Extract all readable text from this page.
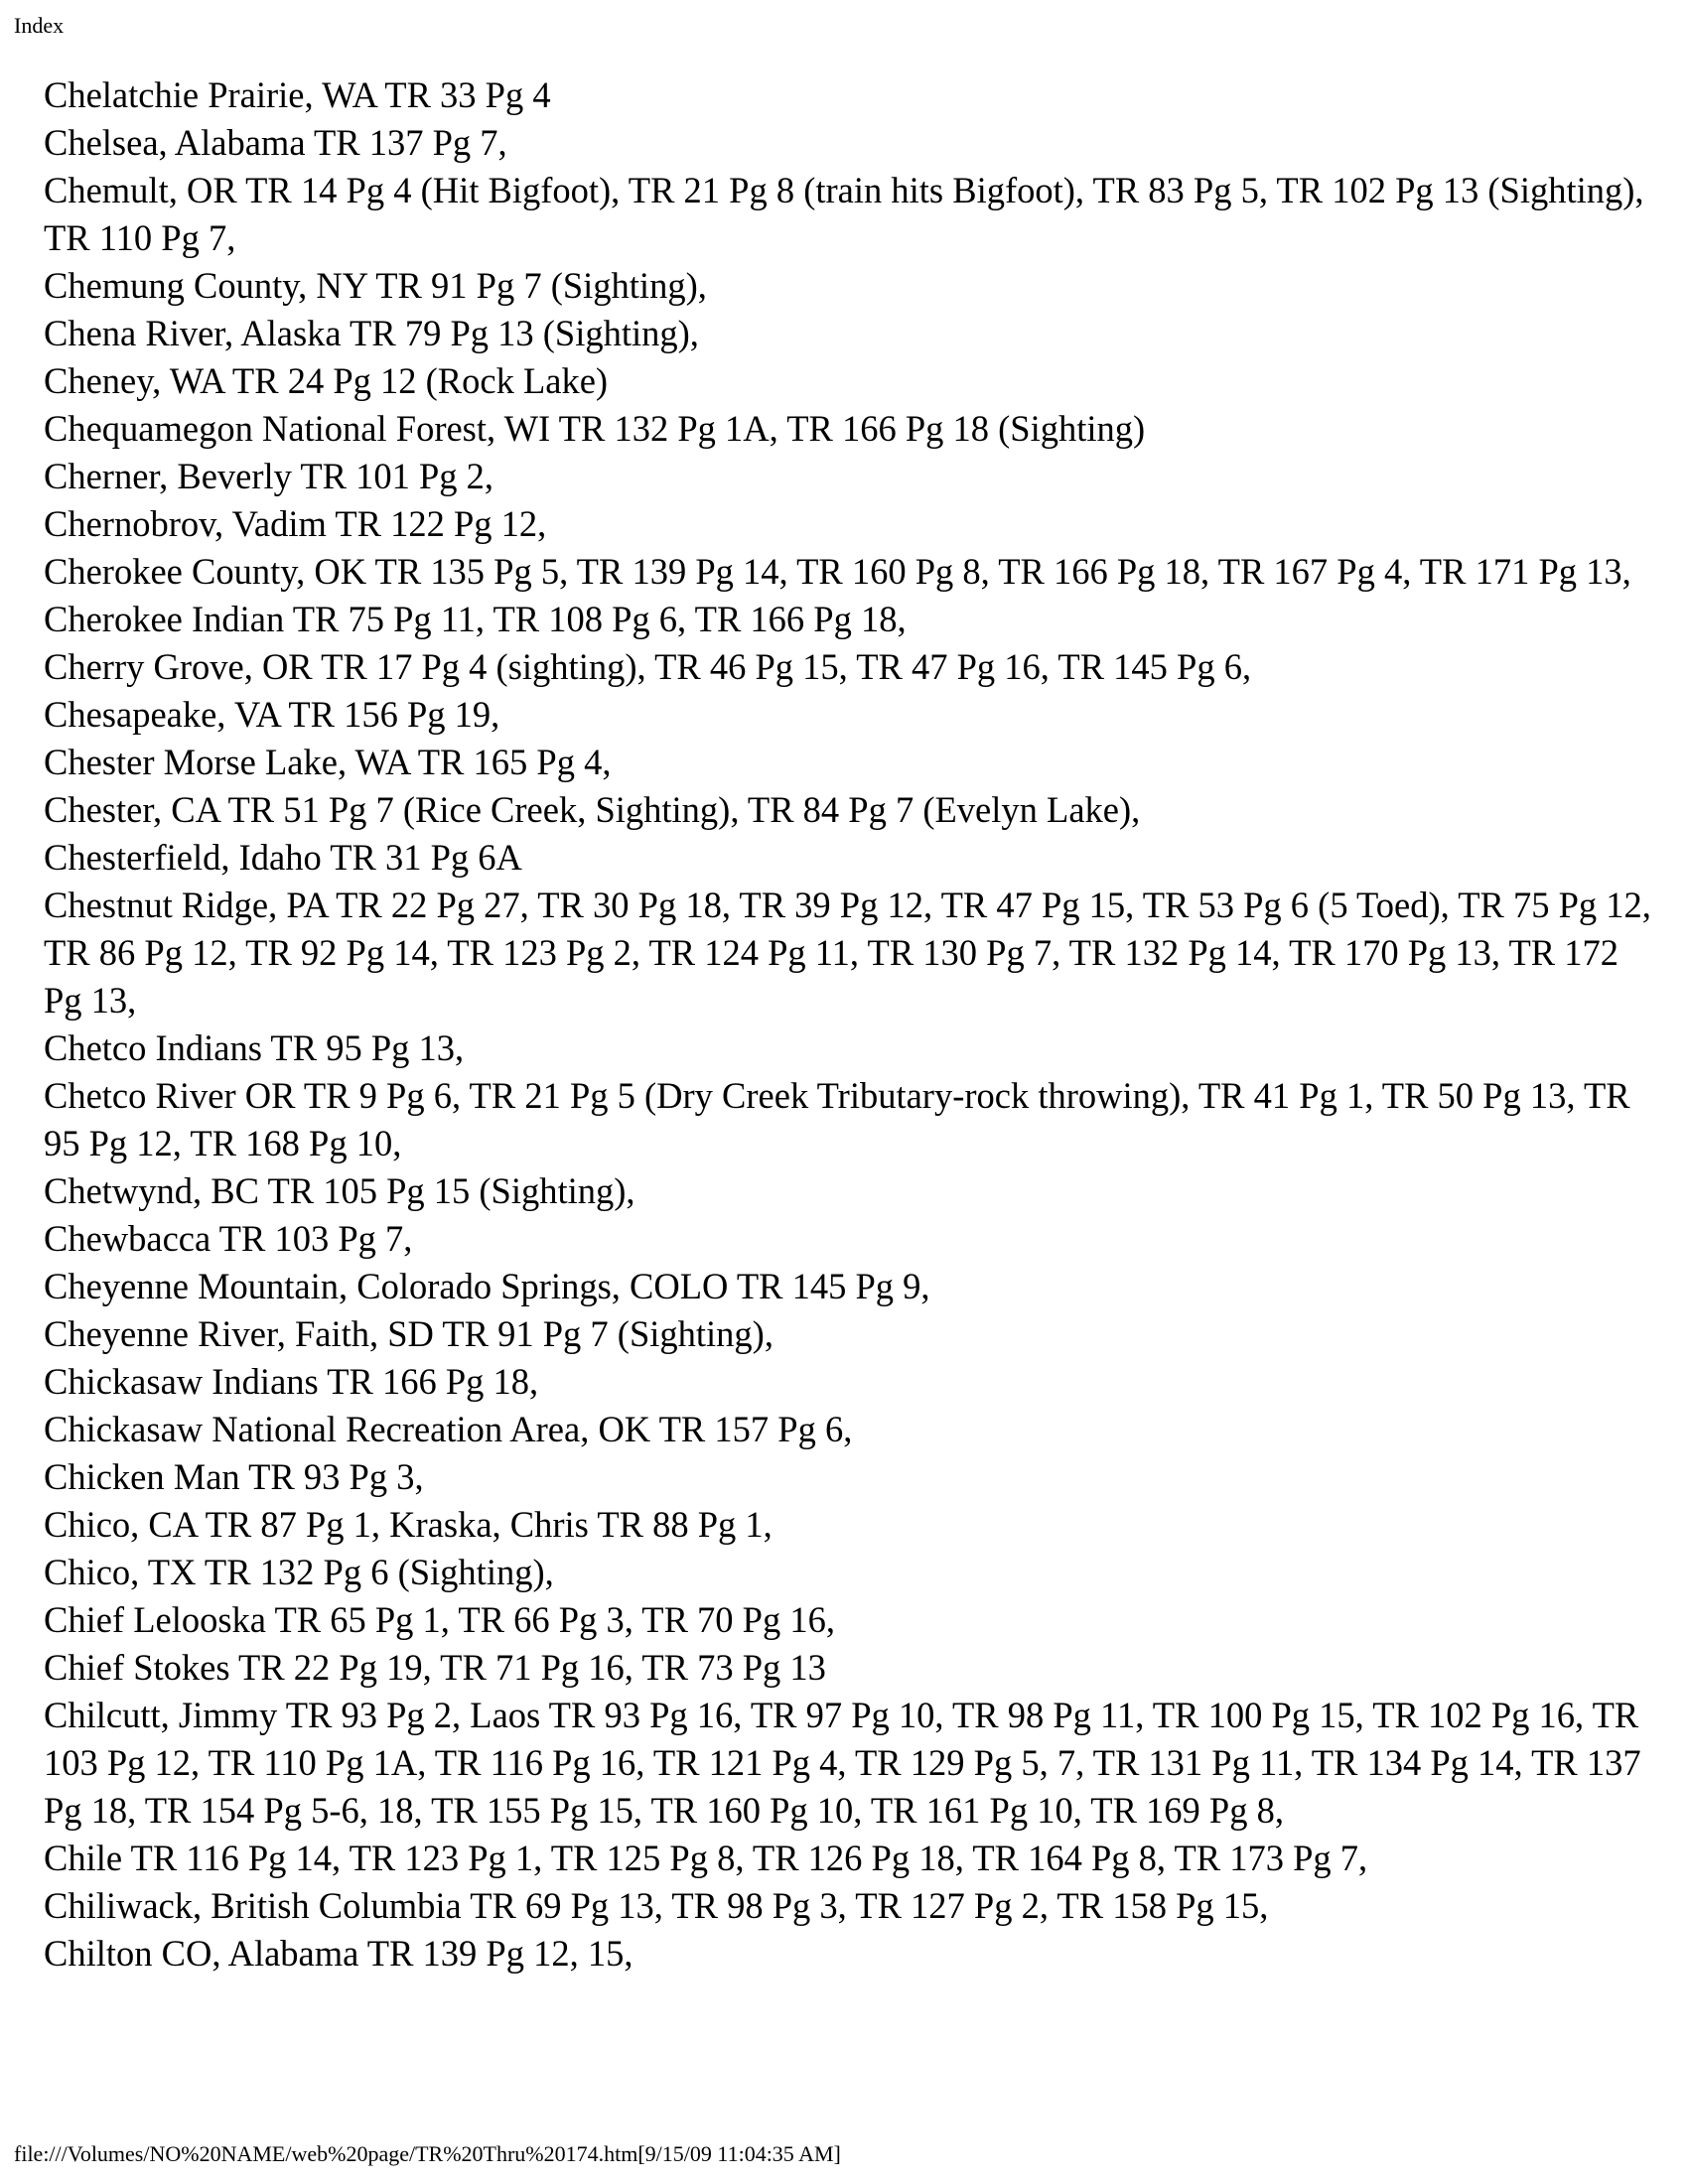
Index
Chelatchie Prairie, WA TR 33 Pg 4
Chelsea, Alabama TR 137 Pg 7,
Chemult, OR TR 14 Pg 4 (Hit Bigfoot), TR 21 Pg 8 (train hits Bigfoot), TR 83 Pg 5, TR 102 Pg 13 (Sighting), TR 110 Pg 7,
Chemung County, NY TR 91 Pg 7 (Sighting),
Chena River, Alaska TR 79 Pg 13 (Sighting),
Cheney, WA TR 24 Pg 12 (Rock Lake)
Chequamegon National Forest, WI TR 132 Pg 1A, TR 166 Pg 18 (Sighting)
Cherner, Beverly TR 101 Pg 2,
Chernobrov, Vadim TR 122 Pg 12,
Cherokee County, OK TR 135 Pg 5, TR 139 Pg 14, TR 160 Pg 8, TR 166 Pg 18, TR 167 Pg 4, TR 171 Pg 13,
Cherokee Indian TR 75 Pg 11, TR 108 Pg 6, TR 166 Pg 18,
Cherry Grove, OR TR 17 Pg 4 (sighting), TR 46 Pg 15, TR 47 Pg 16, TR 145 Pg 6,
Chesapeake, VA TR 156 Pg 19,
Chester Morse Lake, WA TR 165 Pg 4,
Chester, CA TR 51 Pg 7 (Rice Creek, Sighting), TR 84 Pg 7 (Evelyn Lake),
Chesterfield, Idaho TR 31 Pg 6A
Chestnut Ridge, PA TR 22 Pg 27, TR 30 Pg 18, TR 39 Pg 12, TR 47 Pg 15, TR 53 Pg 6 (5 Toed), TR 75 Pg 12, TR 86 Pg 12, TR 92 Pg 14, TR 123 Pg 2, TR 124 Pg 11, TR 130 Pg 7, TR 132 Pg 14, TR 170 Pg 13, TR 172 Pg 13,
Chetco Indians TR 95 Pg 13,
Chetco River OR TR 9 Pg 6, TR 21 Pg 5 (Dry Creek Tributary-rock throwing), TR 41 Pg 1, TR 50 Pg 13, TR 95 Pg 12, TR 168 Pg 10,
Chetwynd, BC TR 105 Pg 15 (Sighting),
Chewbacca TR 103 Pg 7,
Cheyenne Mountain, Colorado Springs, COLO TR 145 Pg 9,
Cheyenne River, Faith, SD TR 91 Pg 7 (Sighting),
Chickasaw Indians TR 166 Pg 18,
Chickasaw National Recreation Area, OK TR 157 Pg 6,
Chicken Man TR 93 Pg 3,
Chico, CA TR 87 Pg 1, Kraska, Chris TR 88 Pg 1,
Chico, TX TR 132 Pg 6 (Sighting),
Chief Lelooska TR 65 Pg 1, TR 66 Pg 3, TR 70 Pg 16,
Chief Stokes TR 22 Pg 19, TR 71 Pg 16, TR 73 Pg 13
Chilcutt, Jimmy TR 93 Pg 2, Laos TR 93 Pg 16, TR 97 Pg 10, TR 98 Pg 11, TR 100 Pg 15, TR 102 Pg 16, TR 103 Pg 12, TR 110 Pg 1A, TR 116 Pg 16, TR 121 Pg 4, TR 129 Pg 5, 7, TR 131 Pg 11, TR 134 Pg 14, TR 137 Pg 18, TR 154 Pg 5-6, 18, TR 155 Pg 15, TR 160 Pg 10, TR 161 Pg 10, TR 169 Pg 8,
Chile TR 116 Pg 14, TR 123 Pg 1, TR 125 Pg 8, TR 126 Pg 18, TR 164 Pg 8, TR 173 Pg 7,
Chiliwack, British Columbia TR 69 Pg 13, TR 98 Pg 3, TR 127 Pg 2, TR 158 Pg 15,
Chilton CO, Alabama TR 139 Pg 12, 15,
file:///Volumes/NO%20NAME/web%20page/TR%20Thru%20174.htm[9/15/09 11:04:35 AM]
